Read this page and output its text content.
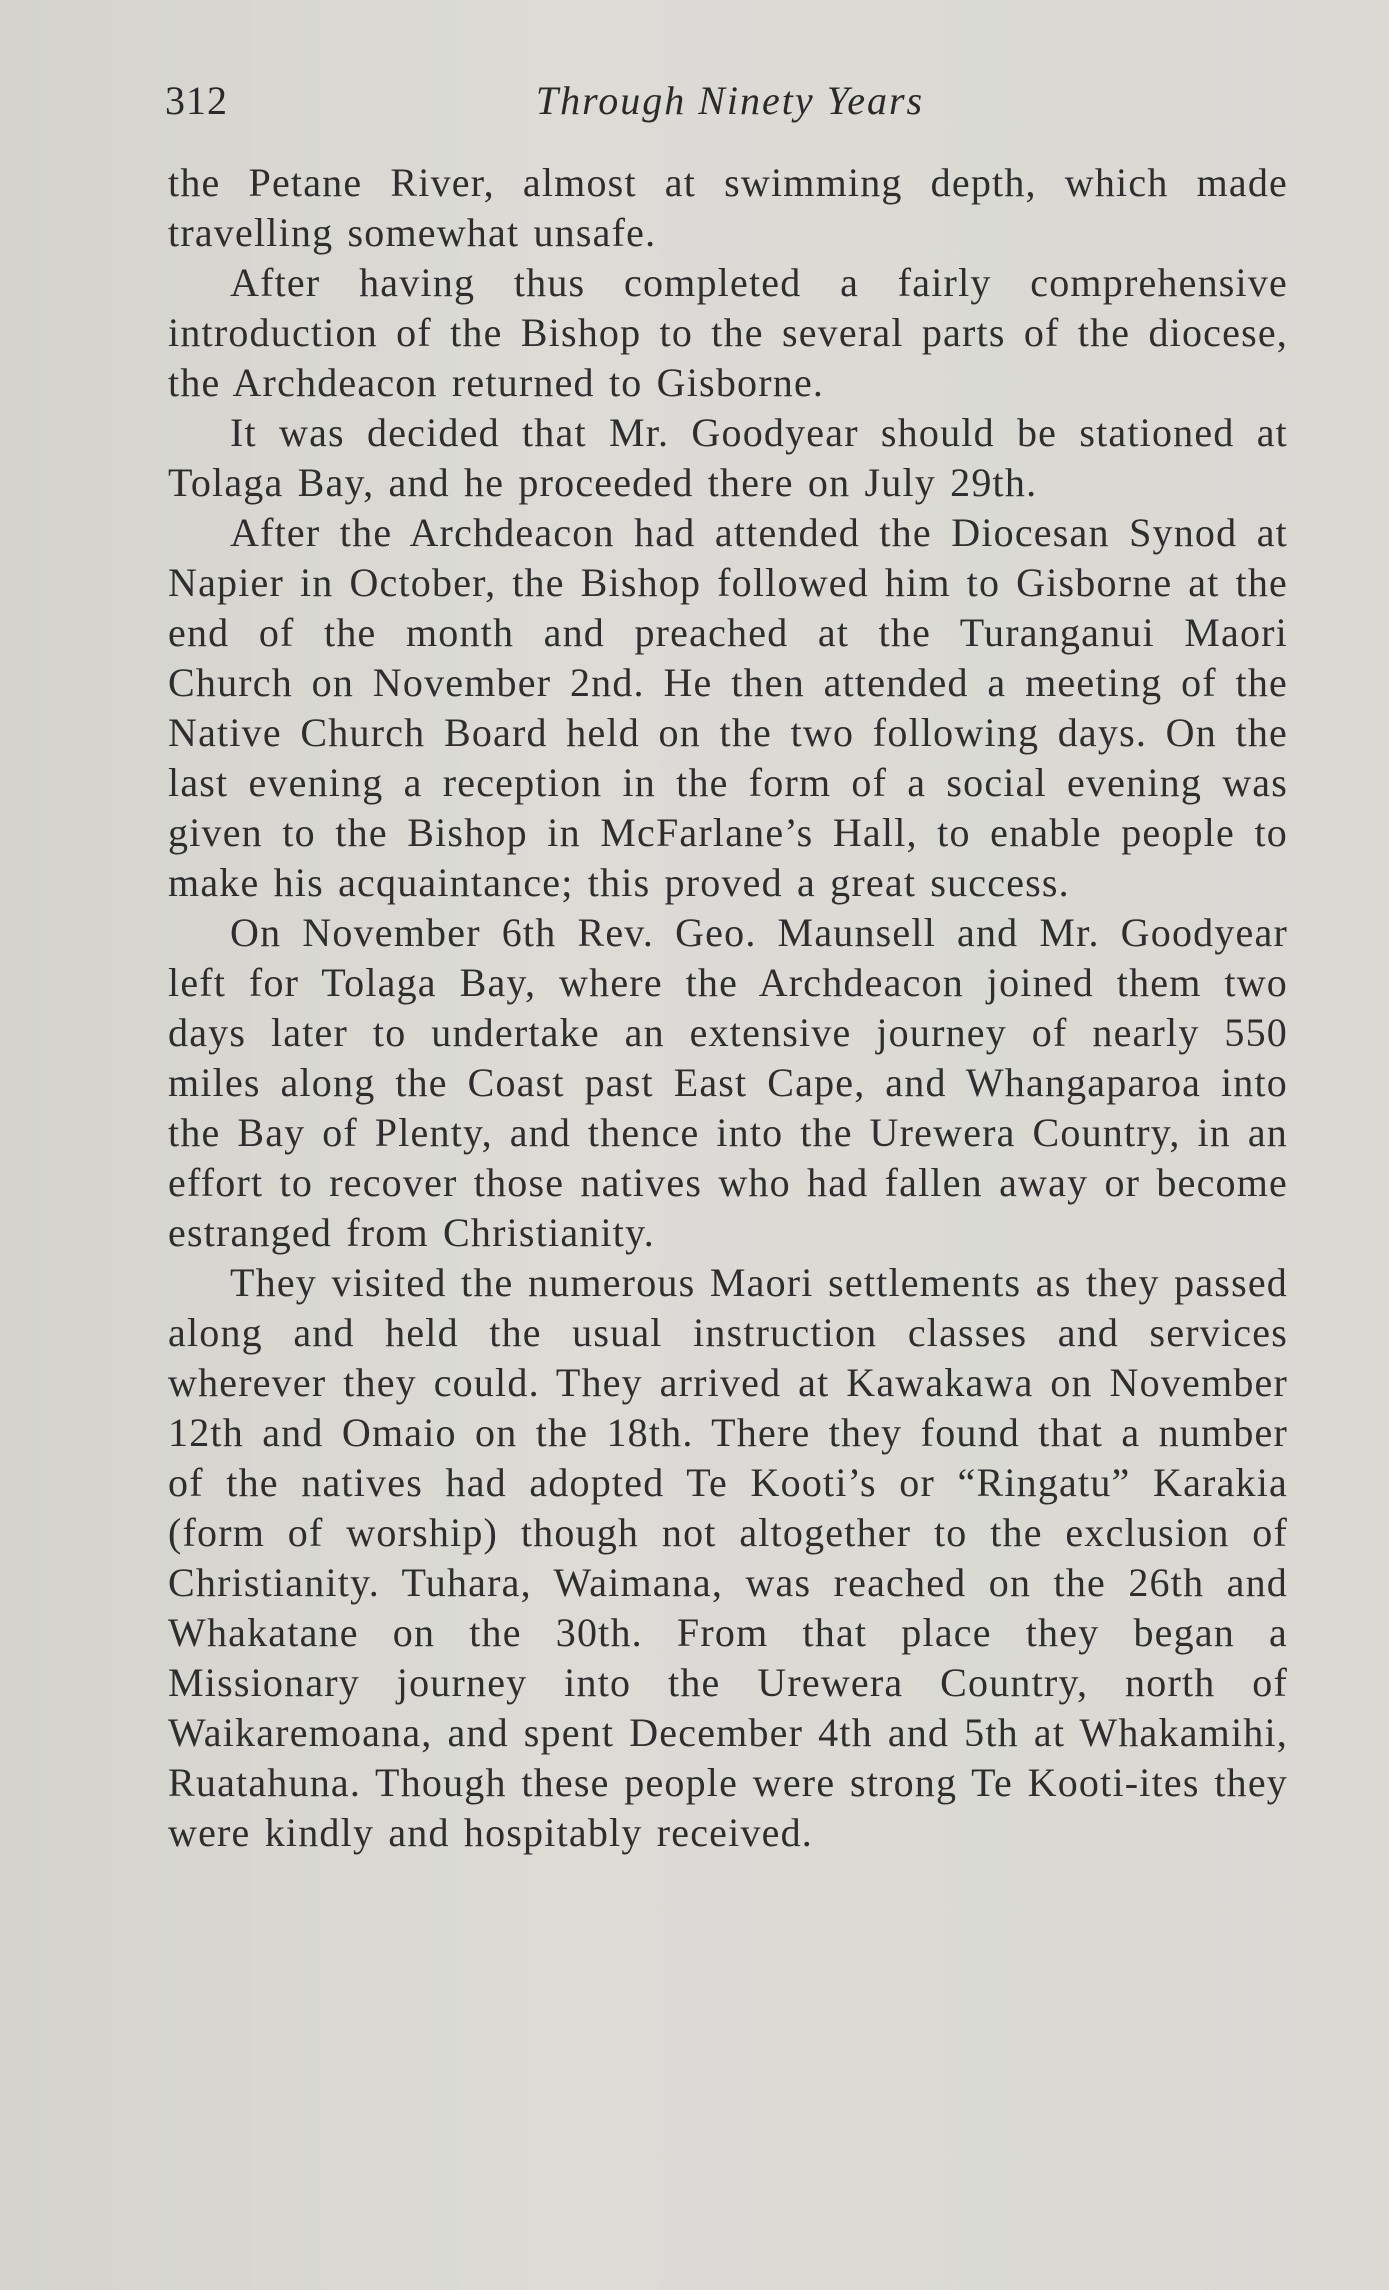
312	Through Ninety Years

the Petane River, almost at swimming depth, which made travelling somewhat unsafe.

After having thus completed a fairly comprehensive introduction of the Bishop to the several parts of the diocese, the Archdeacon returned to Gisborne.

It was decided that Mr. Goodyear should be stationed at Tolaga Bay, and he proceeded there on July 29th.

After the Archdeacon had attended the Diocesan Synod at Napier in October, the Bishop followed him to Gisborne at the end of the month and preached at the Turanganui Maori Church on November 2nd. He then attended a meeting of the Native Church Board held on the two following days. On the last evening a reception in the form of a social evening was given to the Bishop in McFarlane’s Hall, to enable people to make his acquaintance; this proved a great success.

On November 6th Rev. Geo. Maunsell and Mr. Goodyear left for Tolaga Bay, where the Archdeacon joined them two days later to undertake an extensive journey of nearly 550 miles along the Coast past East Cape, and Whangaparoa into the Bay of Plenty, and thence into the Urewera Country, in an effort to recover those natives who had fallen away or become estranged from Christianity.

They visited the numerous Maori settlements as they passed along and held the usual instruction classes and services wherever they could. They arrived at Kawakawa on November 12th and Omaio on the 18th. There they found that a number of the natives had adopted Te Kooti’s or “Ringatu” Karakia (form of worship) though not altogether to the exclusion of Christianity. Tuhara, Waimana, was reached on the 26th and Whakatane on the 30th. From that place they began a Missionary journey into the Urewera Country, north of Waikaremoana, and spent December 4th and 5th at Whakamihi, Ruatahuna. Though these people were strong Te Kooti-ites they were kindly and hospitably received.
